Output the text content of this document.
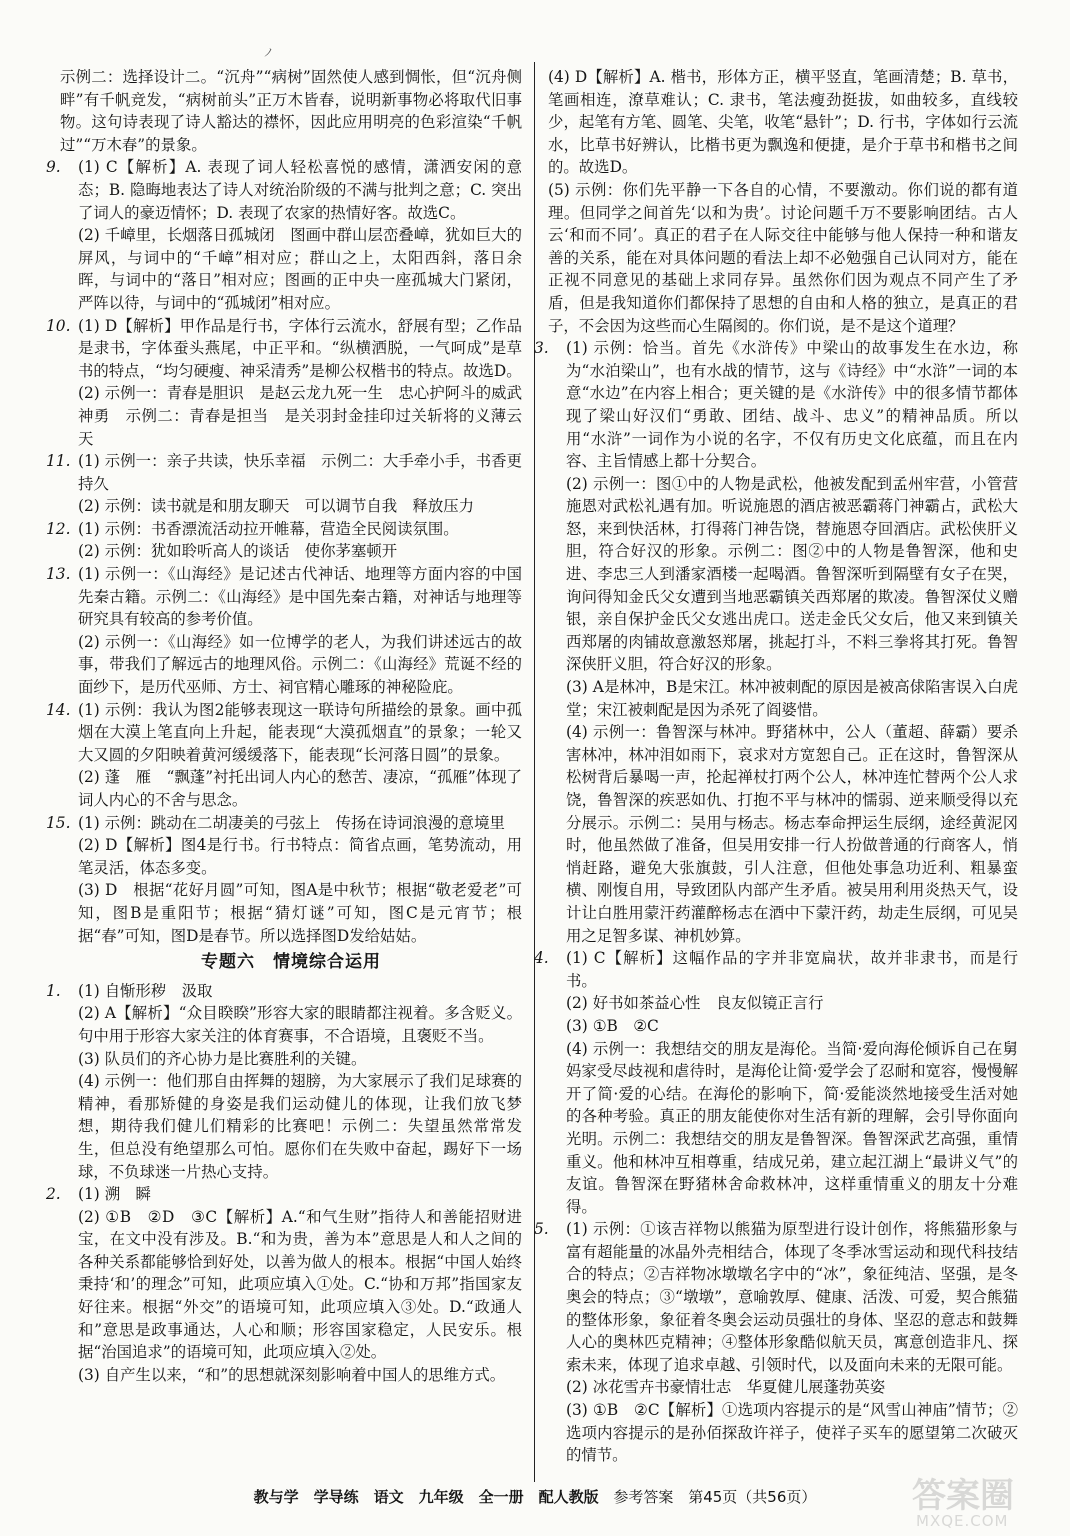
ノ

示例二：选择设计二。“沉舟”“病树”固然使人感到惆怅，但“沉舟侧畔”有千帆竞发，“病树前头”正万木皆春，说明新事物必将取代旧事物。这句诗表现了诗人豁达的襟怀，因此应用明亮的色彩渲染“千帆过”“万木春”的景象。

9. (1) C【解析】A. 表现了词人轻松喜悦的感情，潇洒安闲的意态；B. 隐晦地表达了诗人对统治阶级的不满与批判之意；C. 突出了词人的豪迈情怀；D. 表现了农家的热情好客。故选C。

(2) 千嶂里，长烟落日孤城闭　图画中群山层峦叠嶂，犹如巨大的屏风，与词中的“千嶂”相对应；群山之上，太阳西斜，落日余晖，与词中的“落日”相对应；图画的正中央一座孤城大门紧闭，严阵以待，与词中的“孤城闭”相对应。

10. (1) D【解析】甲作品是行书，字体行云流水，舒展有型；乙作品是隶书，字体蚕头燕尾，中正平和。“纵横洒脱，一气呵成”是草书的特点，“均匀硬瘦、神采清秀”是柳公权楷书的特点。故选D。

(2) 示例一：青春是胆识　是赵云龙九死一生　忠心护阿斗的威武神勇　示例二：青春是担当　是关羽封金挂印过关斩将的义薄云天

11. (1) 示例一：亲子共读，快乐幸福　示例二：大手牵小手，书香更持久

(2) 示例：读书就是和朋友聊天　可以调节自我　释放压力

12. (1) 示例：书香漂流活动拉开帷幕，营造全民阅读氛围。

(2) 示例：犹如聆听高人的谈话　使你茅塞顿开

13. (1) 示例一：《山海经》是记述古代神话、地理等方面内容的中国先秦古籍。示例二：《山海经》是中国先秦古籍，对神话与地理等研究具有较高的参考价值。

(2) 示例一：《山海经》如一位博学的老人，为我们讲述远古的故事，带我们了解远古的地理风俗。示例二：《山海经》荒诞不经的面纱下，是历代巫师、方士、祠官精心雕琢的神秘险庇。

14. (1) 示例：我认为图2能够表现这一联诗句所描绘的景象。画中孤烟在大漠上笔直向上升起，能表现“大漠孤烟直”的景象；一轮又大又圆的夕阳映着黄河缓缓落下，能表现“长河落日圆”的景象。

(2) 蓬　雁　“飘蓬”衬托出词人内心的愁苦、凄凉，“孤雁”体现了词人内心的不舍与思念。

15. (1) 示例：跳动在二胡凄美的弓弦上　传扬在诗词浪漫的意境里

(2) D【解析】图4是行书。行书特点：简省点画，笔势流动，用笔灵活，体态多变。

(3) D　根据“花好月圆”可知，图A是中秋节；根据“敬老爱老”可知，图B是重阳节；根据“猜灯谜”可知，图C是元宵节；根据“春”可知，图D是春节。所以选择图D发给姑姑。

专题六　情境综合运用
1. (1) 自惭形秽　汲取

(2) A【解析】“众目睽睽”形容大家的眼睛都注视着。多含贬义。句中用于形容大家关注的体育赛事，不合语境，且褒贬不当。

(3) 队员们的齐心协力是比赛胜利的关键。

(4) 示例一：他们那自由挥舞的翅膀，为大家展示了我们足球赛的精神，看那矫健的身姿是我们运动健儿的体现，让我们放飞梦想，期待我们健儿们精彩的比赛吧！示例二：失望虽然常常发生，但总没有绝望那么可怕。愿你们在失败中奋起，踢好下一场球，不负球迷一片热心支持。

2. (1) 溯　瞬

(2) ①B　②D　③C【解析】A.“和气生财”指待人和善能招财进宝，在文中没有涉及。B.“和为贵，善为本”意思是人和人之间的各种关系都能够恰到好处，以善为做人的根本。根据“中国人始终秉持‘和’的理念”可知，此项应填入①处。C.“协和万邦”指国家友好往来。根据“外交”的语境可知，此项应填入③处。D.“政通人和”意思是政事通达，人心和顺；形容国家稳定，人民安乐。根据“治国追求”的语境可知，此项应填入②处。

(3) 自产生以来，“和”的思想就深刻影响着中国人的思维方式。

(4) D【解析】A. 楷书，形体方正，横平竖直，笔画清楚；B. 草书，笔画相连，潦草难认；C. 隶书，笔法瘦劲挺拔，如曲较多，直线较少，起笔有方笔、圆笔、尖笔，收笔“悬针”；D. 行书，字体如行云流水，比草书好辨认，比楷书更为飘逸和便捷，是介于草书和楷书之间的。故选D。

(5) 示例：你们先平静一下各自的心情，不要激动。你们说的都有道理。但同学之间首先‘以和为贵’。讨论问题千万不要影响团结。古人云‘和而不同’。真正的君子在人际交往中能够与他人保持一种和谐友善的关系，能在对具体问题的看法上却不必勉强自己认同对方，能在正视不同意见的基础上求同存异。虽然你们因为观点不同产生了矛盾，但是我知道你们都保持了思想的自由和人格的独立，是真正的君子，不会因为这些而心生隔阂的。你们说，是不是这个道理？

3. (1) 示例：恰当。首先《水浒传》中梁山的故事发生在水边，称为“水泊梁山”，也有水战的情节，这与《诗经》中“水浒”一词的本意“水边”在内容上相合；更关键的是《水浒传》中的很多情节都体现了梁山好汉们“勇敢、团结、战斗、忠义”的精神品质。所以用“水浒”一词作为小说的名字，不仅有历史文化底蕴，而且在内容、主旨情感上都十分契合。

(2) 示例一：图①中的人物是武松，他被发配到孟州牢营，小管营施恩对武松礼遇有加。听说施恩的酒店被恶霸蒋门神霸占，武松大怒，来到快活林，打得蒋门神告饶，替施恩夺回酒店。武松侠肝义胆，符合好汉的形象。示例二：图②中的人物是鲁智深，他和史进、李忠三人到潘家酒楼一起喝酒。鲁智深听到隔壁有女子在哭，询问得知金氏父女遭到当地恶霸镇关西郑屠的欺凌。鲁智深仗义赠银，亲自保护金氏父女逃出虎口。送走金氏父女后，他又来到镇关西郑屠的肉铺故意激怒郑屠，挑起打斗，不料三拳将其打死。鲁智深侠肝义胆，符合好汉的形象。

(3) A是林冲，B是宋江。林冲被刺配的原因是被高俅陷害误入白虎堂；宋江被刺配是因为杀死了阎婆惜。

(4) 示例一：鲁智深与林冲。野猪林中，公人（董超、薛霸）要杀害林冲，林冲泪如雨下，哀求对方宽恕自己。正在这时，鲁智深从松树背后暴喝一声，抡起禅杖打两个公人，林冲连忙替两个公人求饶，鲁智深的疾恶如仇、打抱不平与林冲的懦弱、逆来顺受得以充分展示。示例二：吴用与杨志。杨志奉命押运生辰纲，途经黄泥冈时，他虽然做了准备，但吴用安排一行人扮做普通的行商客人，悄悄赶路，避免大张旗鼓，引人注意，但他处事急功近利、粗暴蛮横、刚愎自用，导致团队内部产生矛盾。被吴用利用炎热天气，设计让白胜用蒙汗药灌醉杨志在酒中下蒙汗药，劫走生辰纲，可见吴用之足智多谋、神机妙算。

4. (1) C【解析】这幅作品的字并非宽扁状，故并非隶书，而是行书。

(2) 好书如茶益心性　良友似镜正言行

(3) ①B　②C

(4) 示例一：我想结交的朋友是海伦。当简·爱向海伦倾诉自己在舅妈家受尽歧视和虐待时，是海伦让简·爱学会了忍耐和宽容，慢慢解开了简·爱的心结。在海伦的影响下，简·爱能淡然地接受生活对她的各种考验。真正的朋友能使你对生活有新的理解，会引导你面向光明。示例二：我想结交的朋友是鲁智深。鲁智深武艺高强，重情重义。他和林冲互相尊重，结成兄弟，建立起江湖上“最讲义气”的友谊。鲁智深在野猪林舍命救林冲，这样重情重义的朋友十分难得。

5. (1) 示例：①该吉祥物以熊猫为原型进行设计创作，将熊猫形象与富有超能量的冰晶外壳相结合，体现了冬季冰雪运动和现代科技结合的特点；②吉祥物冰墩墩名字中的“冰”，象征纯洁、坚强，是冬奥会的特点；③“墩墩”，意喻敦厚、健康、活泼、可爱，契合熊猫的整体形象，象征着冬奥会运动员强壮的身体、坚忍的意志和鼓舞人心的奥林匹克精神；④整体形象酷似航天员，寓意创造非凡、探索未来，体现了追求卓越、引领时代，以及面向未来的无限可能。

(2) 冰花雪卉书豪情壮志　华夏健儿展蓬勃英姿

(3) ①B　②C【解析】①选项内容提示的是“风雪山神庙”情节；②选项内容提示的是孙佰探敌许祥子，使祥子买车的愿望第二次破灭的情节。

教与学　学导练　语文　九年级　全一册　配人教版 参考答案 第45页（共56页）	答案圈
MXQE.COM
